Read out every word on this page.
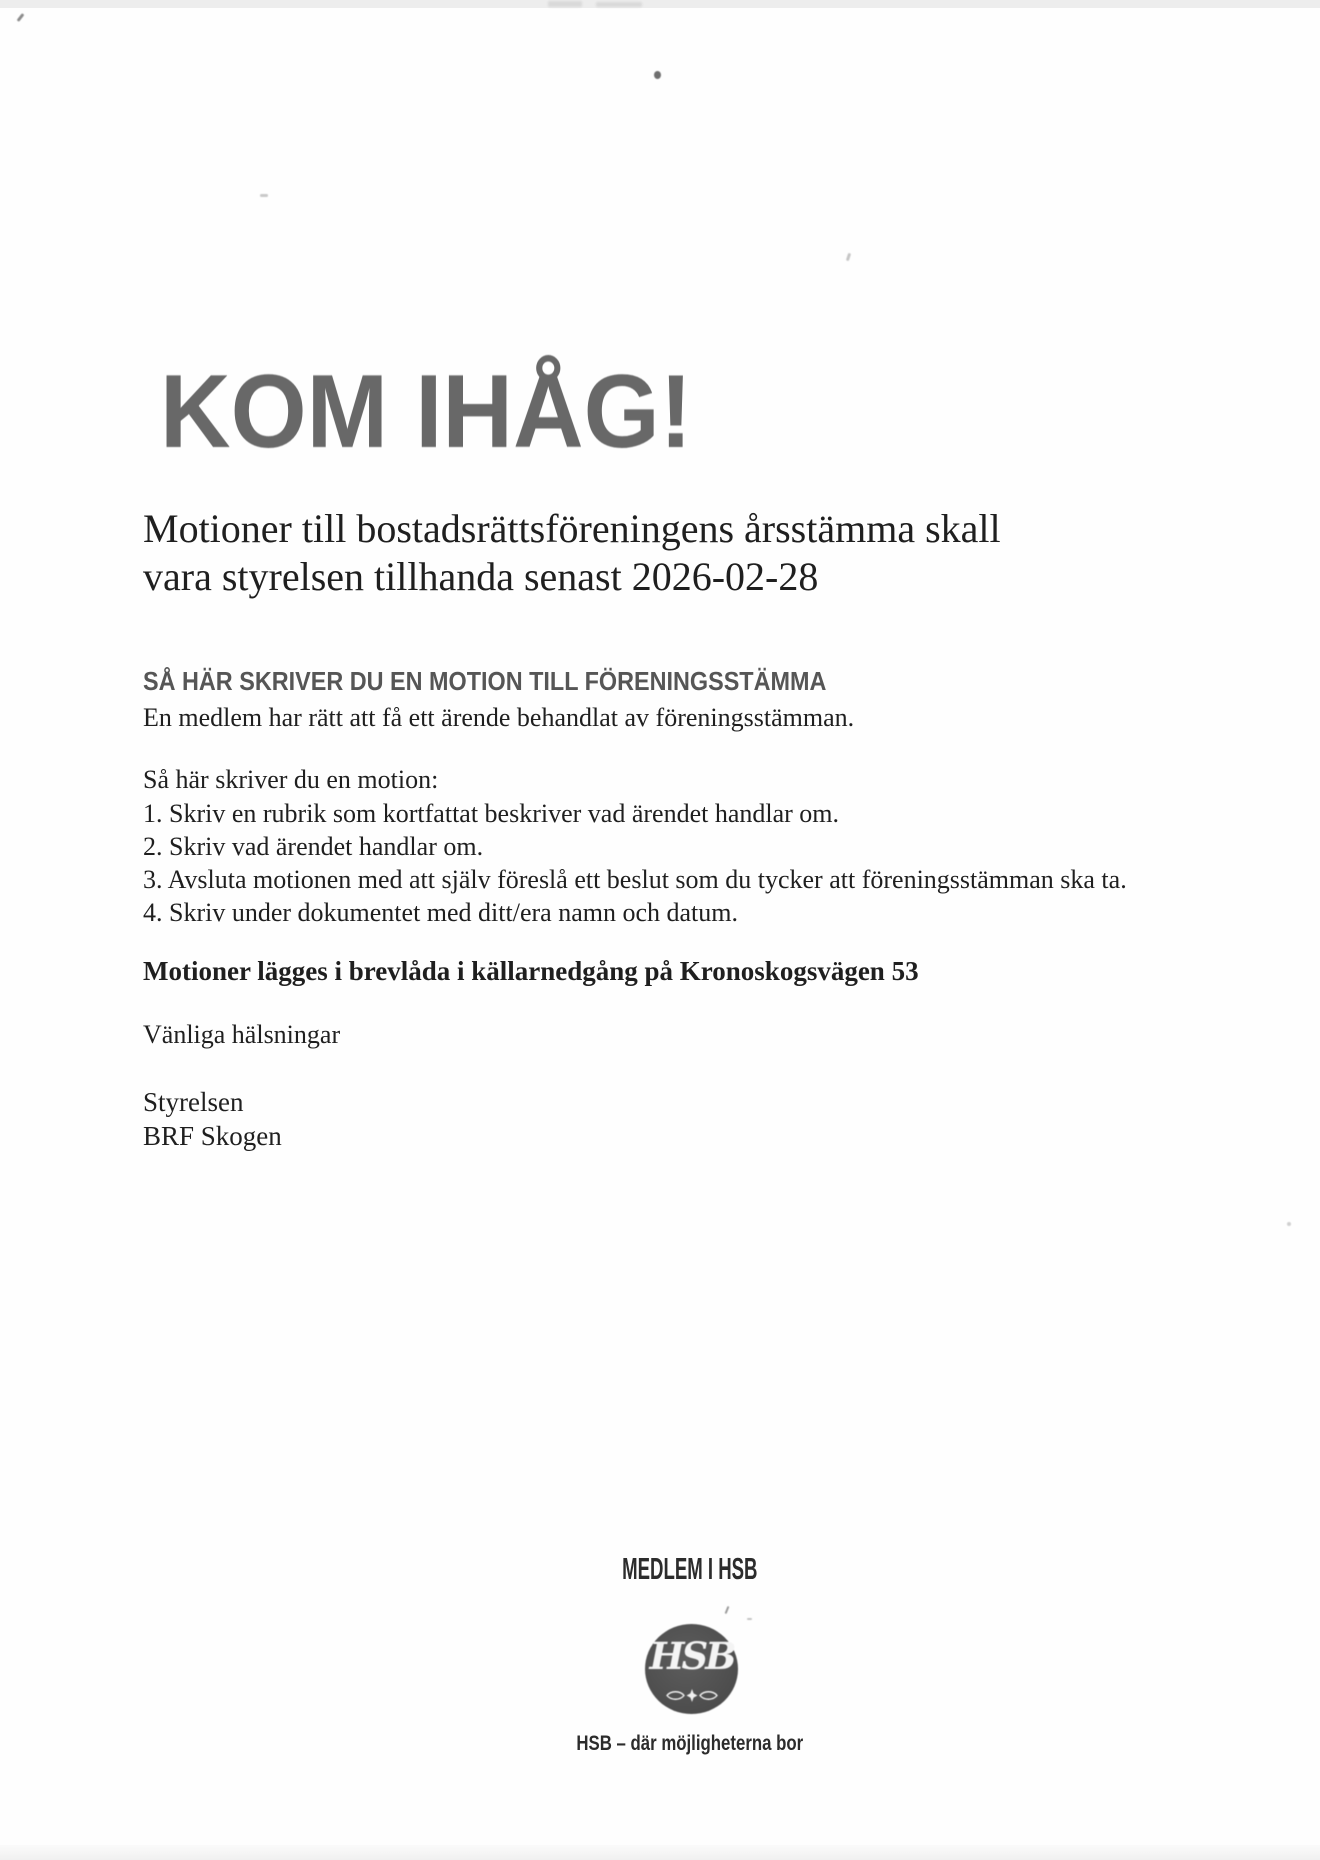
KOM IHÅG!
Motioner till bostadsrättsföreningens årsstämma skall
vara styrelsen tillhanda senast 2026-02-28
SÅ HÄR SKRIVER DU EN MOTION TILL FÖRENINGSSTÄMMA
En medlem har rätt att få ett ärende behandlat av föreningsstämman.
Så här skriver du en motion:
1. Skriv en rubrik som kortfattat beskriver vad ärendet handlar om.
2. Skriv vad ärendet handlar om.
3. Avsluta motionen med att själv föreslå ett beslut som du tycker att föreningsstämman ska ta.
4. Skriv under dokumentet med ditt/era namn och datum.
Motioner lägges i brevlåda i källarnedgång på Kronoskogsvägen 53
Vänliga hälsningar
Styrelsen
BRF Skogen
MEDLEM I HSB
HSB
HSB – där möjligheterna bor
